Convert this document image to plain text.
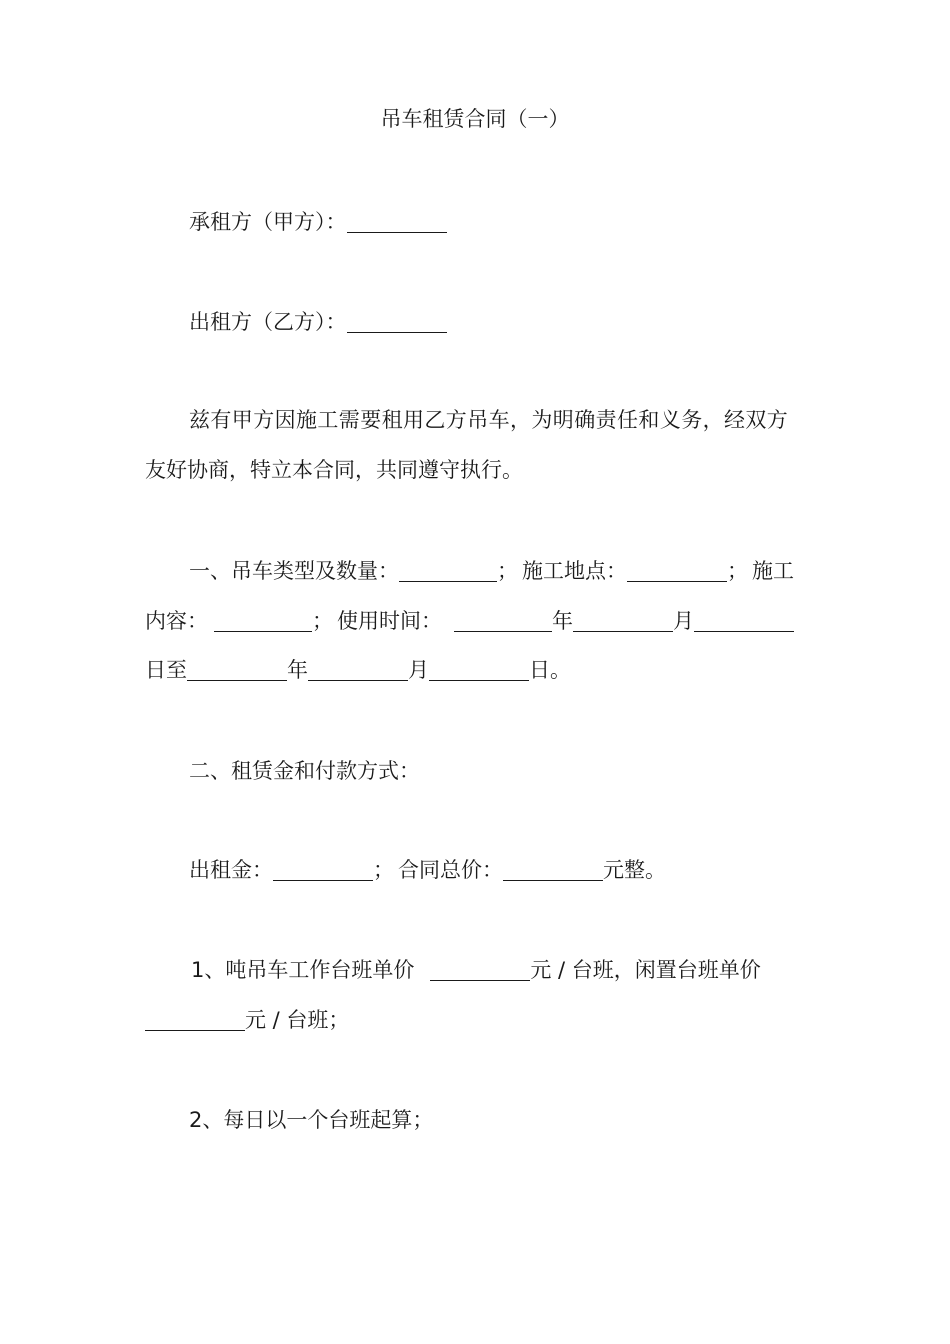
吊车租赁合同（一）
承租方（甲方）：
出租方（乙方）：
兹有甲方因施工需要租用乙方吊车，为明确责任和义务，经双方
友好协商，特立本合同，共同遵守执行。
一、吊车类型及数量：	； 施工地点：	； 施工
内容：	； 使用时间：	年	月
日至	年	月	日。
二、租赁金和付款方式：
出租金：	； 合同总价：	元整。
1、吨吊车工作台班单价	元 / 台班，闲置台班单价
元 / 台班；
2、每日以一个台班起算；
